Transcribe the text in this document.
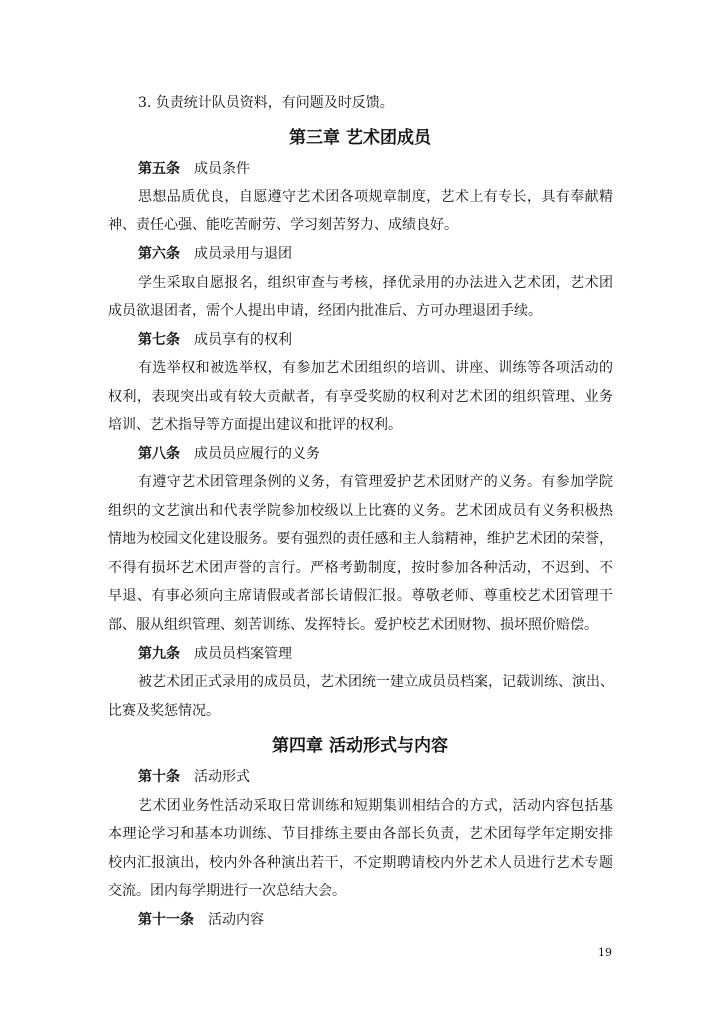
3. 负责统计队员资料，有问题及时反馈。
第三章 艺术团成员
第五条 成员条件
思想品质优良，自愿遵守艺术团各项规章制度，艺术上有专长，具有奉献精
神、责任心强、能吃苦耐劳、学习刻苦努力、成绩良好。
第六条 成员录用与退团
学生采取自愿报名，组织审查与考核，择优录用的办法进入艺术团，艺术团
成员欲退团者，需个人提出申请，经团内批准后、方可办理退团手续。
第七条 成员享有的权利
有选举权和被选举权，有参加艺术团组织的培训、讲座、训练等各项活动的
权利，表现突出或有较大贡献者，有享受奖励的权利对艺术团的组织管理、业务
培训、艺术指导等方面提出建议和批评的权利。
第八条 成员员应履行的义务
有遵守艺术团管理条例的义务，有管理爱护艺术团财产的义务。有参加学院
组织的文艺演出和代表学院参加校级以上比赛的义务。艺术团成员有义务积极热
情地为校园文化建设服务。要有强烈的责任感和主人翁精神，维护艺术团的荣誉，
不得有损坏艺术团声誉的言行。严格考勤制度，按时参加各种活动，不迟到、不
早退、有事必须向主席请假或者部长请假汇报。尊敬老师、尊重校艺术团管理干
部、服从组织管理、刻苦训练、发挥特长。爱护校艺术团财物、损坏照价赔偿。
第九条 成员员档案管理
被艺术团正式录用的成员员，艺术团统一建立成员员档案，记载训练、演出、
比赛及奖惩情况。
第四章 活动形式与内容
第十条 活动形式
艺术团业务性活动采取日常训练和短期集训相结合的方式，活动内容包括基
本理论学习和基本功训练、节目排练主要由各部长负责，艺术团每学年定期安排
校内汇报演出，校内外各种演出若干，不定期聘请校内外艺术人员进行艺术专题
交流。团内每学期进行一次总结大会。
第十一条 活动内容
19
